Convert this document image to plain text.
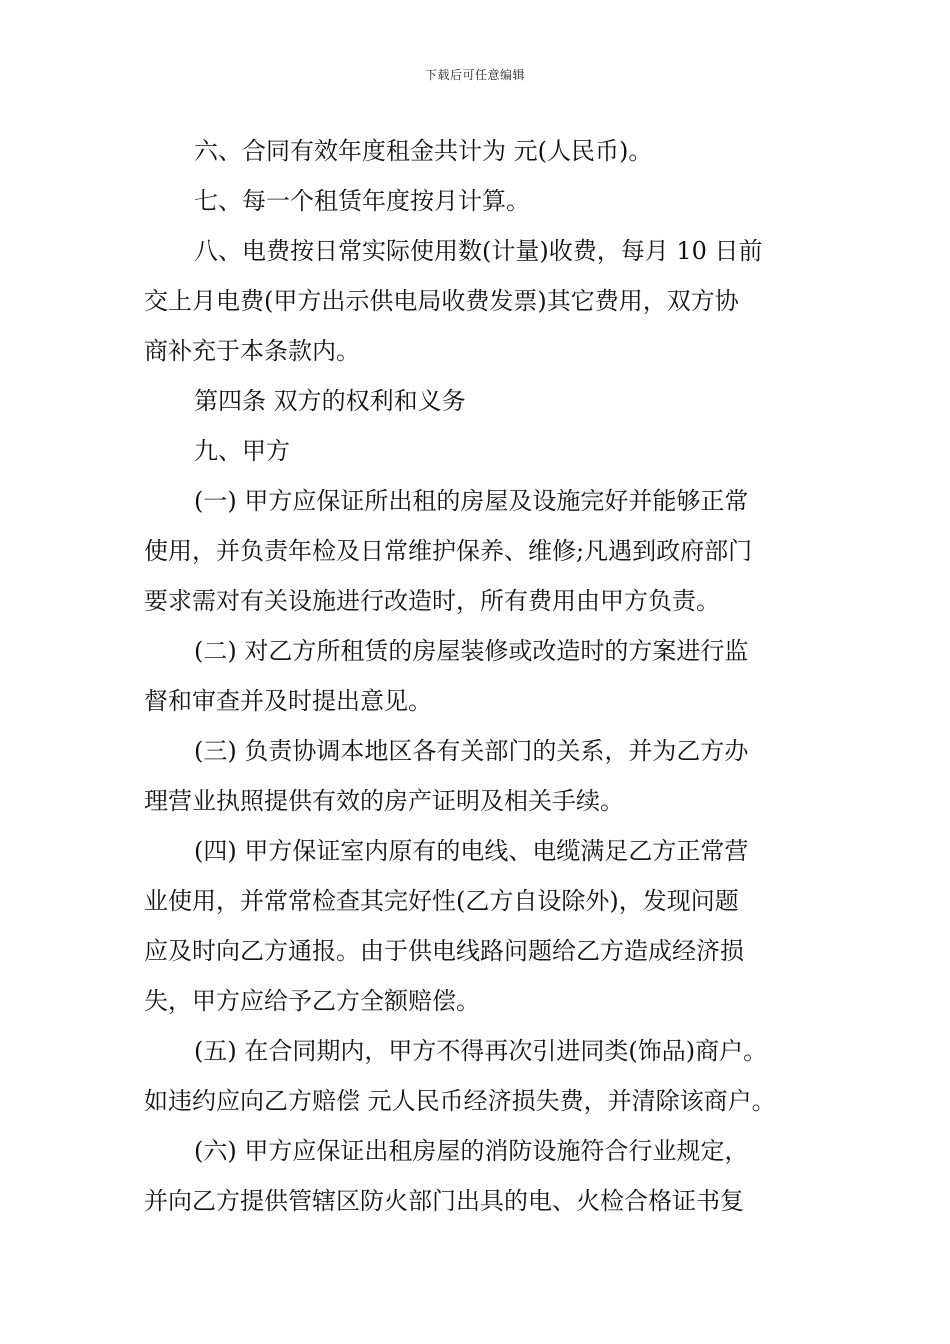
下载后可任意编辑
六、合同有效年度租金共计为 元(人民币)。
七、每一个租赁年度按月计算。
八、电费按日常实际使用数(计量)收费，每月 10 日前
交上月电费(甲方出示供电局收费发票)其它费用，双方协
商补充于本条款内。
第四条 双方的权利和义务
九、甲方
(一) 甲方应保证所出租的房屋及设施完好并能够正常
使用，并负责年检及日常维护保养、维修;凡遇到政府部门
要求需对有关设施进行改造时，所有费用由甲方负责。
(二) 对乙方所租赁的房屋装修或改造时的方案进行监
督和审查并及时提出意见。
(三) 负责协调本地区各有关部门的关系，并为乙方办
理营业执照提供有效的房产证明及相关手续。
(四) 甲方保证室内原有的电线、电缆满足乙方正常营
业使用，并常常检查其完好性(乙方自设除外)，发现问题
应及时向乙方通报。由于供电线路问题给乙方造成经济损
失，甲方应给予乙方全额赔偿。
(五) 在合同期内，甲方不得再次引进同类(饰品)商户。
如违约应向乙方赔偿 元人民币经济损失费，并清除该商户。
(六) 甲方应保证出租房屋的消防设施符合行业规定，
并向乙方提供管辖区防火部门出具的电、火检合格证书复
